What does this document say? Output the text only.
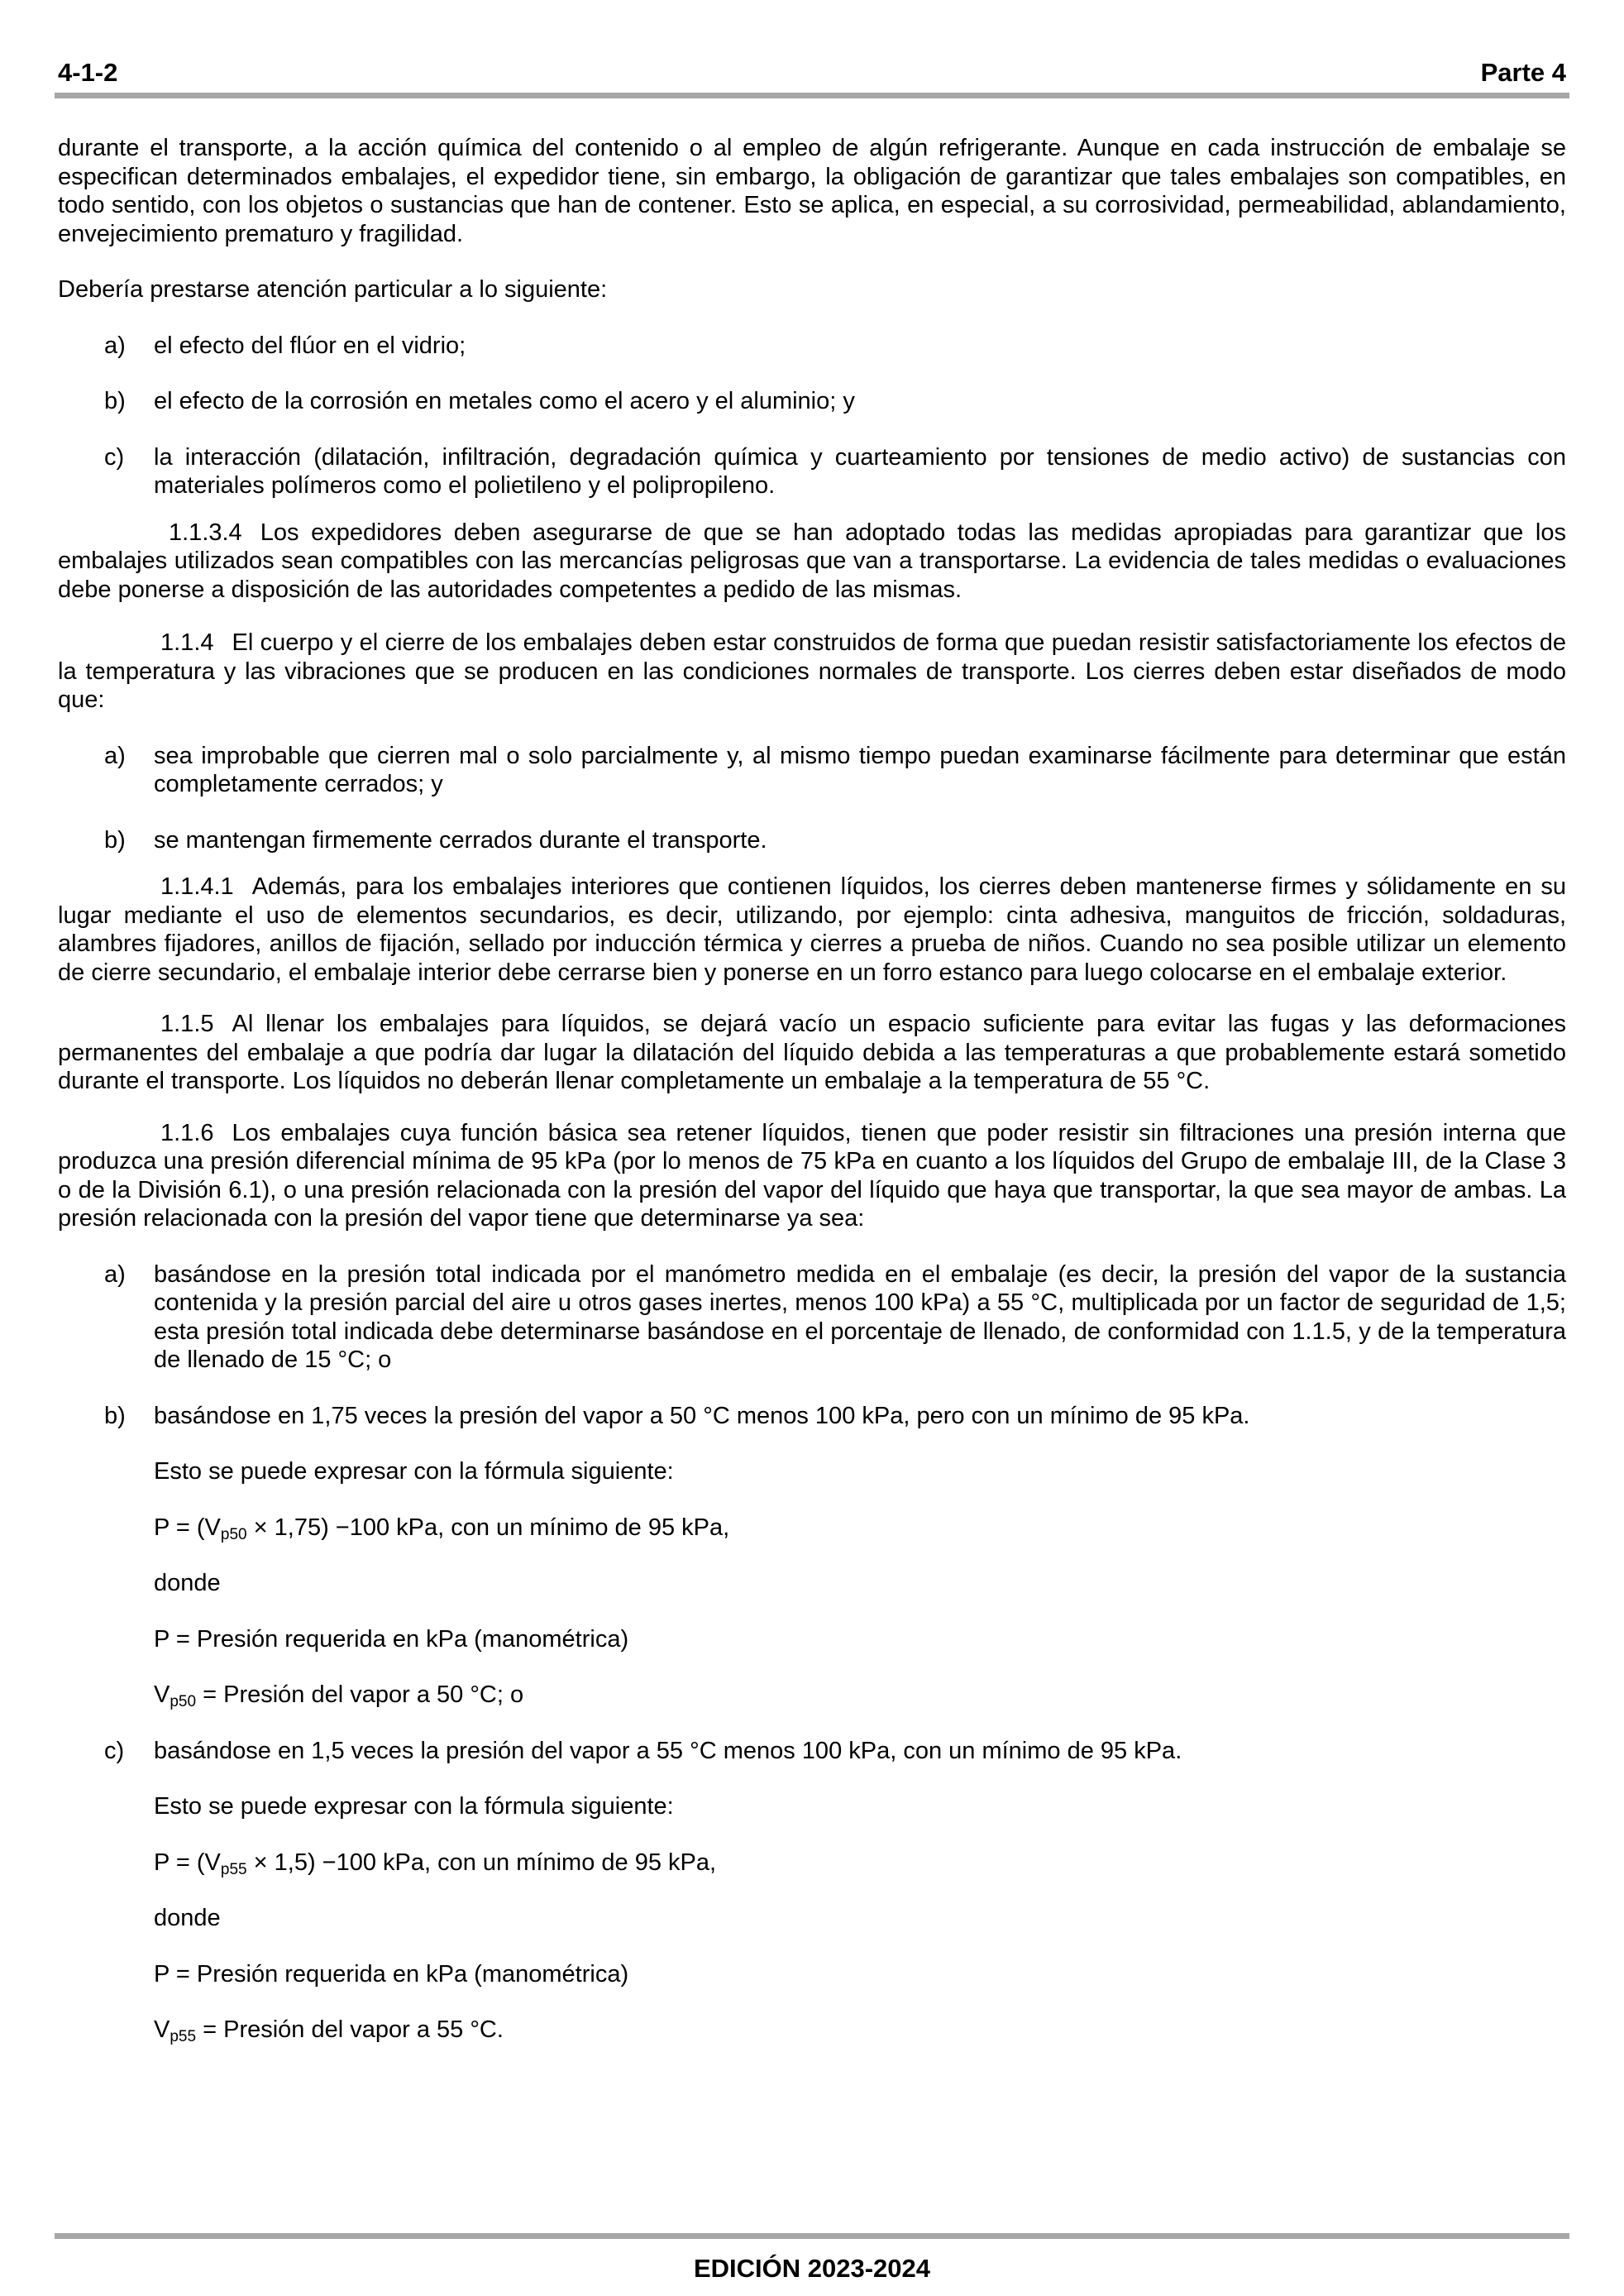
4-1-2	Parte 4

durante el transporte, a la acción química del contenido o al empleo de algún refrigerante. Aunque en cada instrucción de embalaje se especifican determinados embalajes, el expedidor tiene, sin embargo, la obligación de garantizar que tales embalajes son compatibles, en todo sentido, con los objetos o sustancias que han de contener. Esto se aplica, en especial, a su corrosividad, permeabilidad, ablandamiento, envejecimiento prematuro y fragilidad.

Debería prestarse atención particular a lo siguiente:

a) el efecto del flúor en el vidrio;
b) el efecto de la corrosión en metales como el acero y el aluminio; y
c) la interacción (dilatación, infiltración, degradación química y cuarteamiento por tensiones de medio activo) de sustancias con materiales polímeros como el polietileno y el polipropileno.

1.1.3.4 Los expedidores deben asegurarse de que se han adoptado todas las medidas apropiadas para garantizar que los embalajes utilizados sean compatibles con las mercancías peligrosas que van a transportarse. La evidencia de tales medidas o evaluaciones debe ponerse a disposición de las autoridades competentes a pedido de las mismas.

1.1.4 El cuerpo y el cierre de los embalajes deben estar construidos de forma que puedan resistir satisfactoriamente los efectos de la temperatura y las vibraciones que se producen en las condiciones normales de transporte. Los cierres deben estar diseñados de modo que:

a) sea improbable que cierren mal o solo parcialmente y, al mismo tiempo puedan examinarse fácilmente para determinar que están completamente cerrados; y
b) se mantengan firmemente cerrados durante el transporte.

1.1.4.1 Además, para los embalajes interiores que contienen líquidos, los cierres deben mantenerse firmes y sólidamente en su lugar mediante el uso de elementos secundarios, es decir, utilizando, por ejemplo: cinta adhesiva, manguitos de fricción, soldaduras, alambres fijadores, anillos de fijación, sellado por inducción térmica y cierres a prueba de niños. Cuando no sea posible utilizar un elemento de cierre secundario, el embalaje interior debe cerrarse bien y ponerse en un forro estanco para luego colocarse en el embalaje exterior.

1.1.5 Al llenar los embalajes para líquidos, se dejará vacío un espacio suficiente para evitar las fugas y las deformaciones permanentes del embalaje a que podría dar lugar la dilatación del líquido debida a las temperaturas a que probablemente estará sometido durante el transporte. Los líquidos no deberán llenar completamente un embalaje a la temperatura de 55 °C.

1.1.6 Los embalajes cuya función básica sea retener líquidos, tienen que poder resistir sin filtraciones una presión interna que produzca una presión diferencial mínima de 95 kPa (por lo menos de 75 kPa en cuanto a los líquidos del Grupo de embalaje III, de la Clase 3 o de la División 6.1), o una presión relacionada con la presión del vapor del líquido que haya que transportar, la que sea mayor de ambas. La presión relacionada con la presión del vapor tiene que determinarse ya sea:

a) basándose en la presión total indicada por el manómetro medida en el embalaje (es decir, la presión del vapor de la sustancia contenida y la presión parcial del aire u otros gases inertes, menos 100 kPa) a 55 °C, multiplicada por un factor de seguridad de 1,5; esta presión total indicada debe determinarse basándose en el porcentaje de llenado, de conformidad con 1.1.5, y de la temperatura de llenado de 15 °C; o
b) basándose en 1,75 veces la presión del vapor a 50 °C menos 100 kPa, pero con un mínimo de 95 kPa.
Esto se puede expresar con la fórmula siguiente:
$P = (V_{p50} \times 1,75) -100$ kPa, con un mínimo de 95 kPa,
donde
P = Presión requerida en kPa (manométrica)
$V_{p50}$ = Presión del vapor a 50 °C; o
c) basándose en 1,5 veces la presión del vapor a 55 °C menos 100 kPa, con un mínimo de 95 kPa.
Esto se puede expresar con la fórmula siguiente:
$P = (V_{p55} \times 1,5) -100$ kPa, con un mínimo de 95 kPa,
donde
P = Presión requerida en kPa (manométrica)
$V_{p55}$ = Presión del vapor a 55 °C.
EDICIÓN 2023-2024
